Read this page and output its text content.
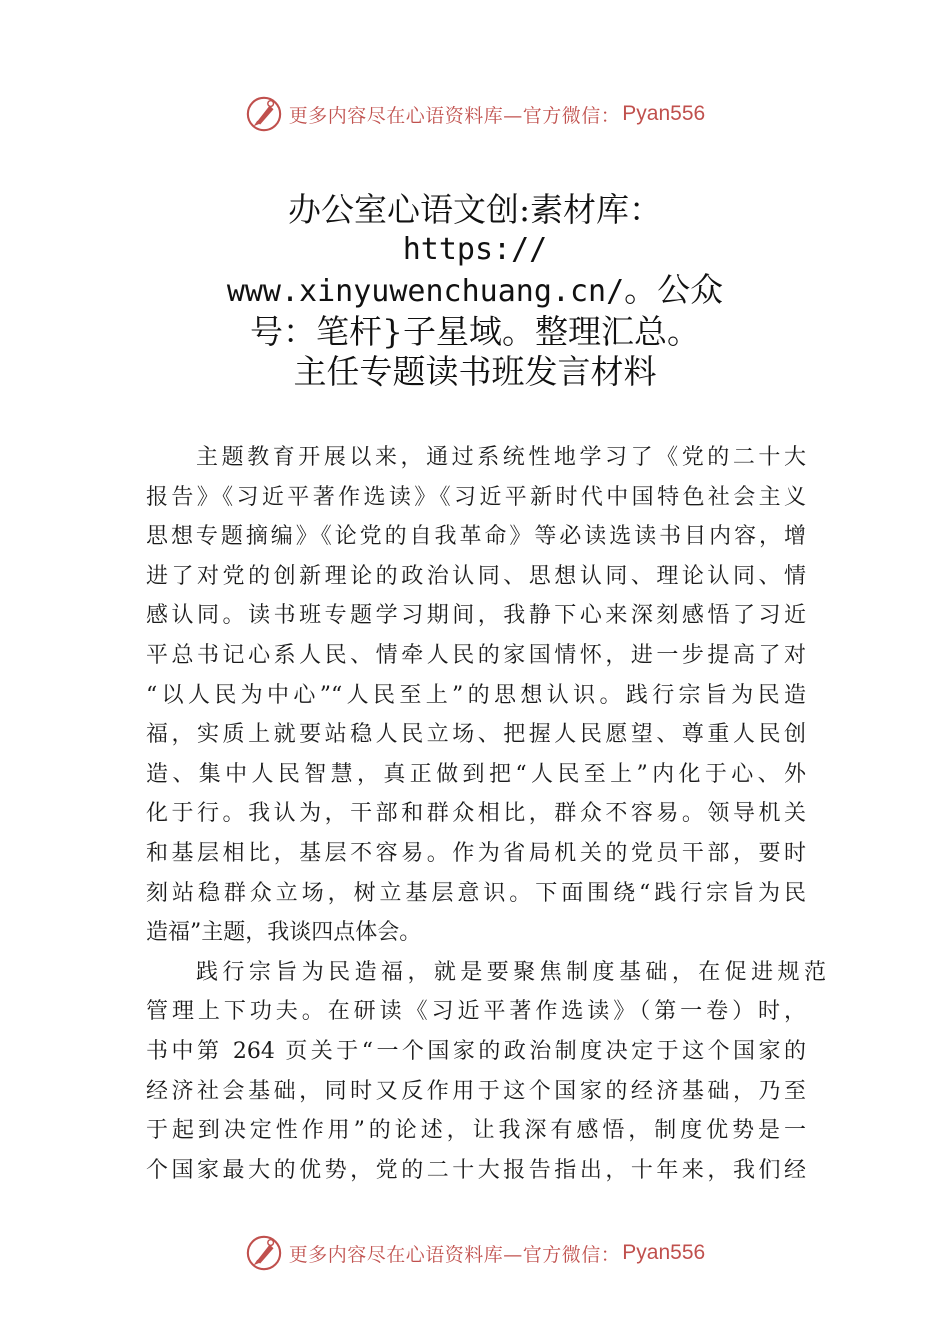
更多内容尽在心语资料库—官方微信： Pyan556
办公室心语文创:素材库：
https://
www.xinyuwenchuang.cn/。公众
号：笔杆}子星域。整理汇总。
主任专题读书班发言材料
主题教育开展以来，通过系统性地学习了《党的二十大
报告》《习近平著作选读》《习近平新时代中国特色社会主义
思想专题摘编》《论党的自我革命》等必读选读书目内容，增
进了对党的创新理论的政治认同、思想认同、理论认同、情
感认同。读书班专题学习期间，我静下心来深刻感悟了习近
平总书记心系人民、情牵人民的家国情怀，进一步提高了对
“以人民为中心”“人民至上”的思想认识。践行宗旨为民造
福，实质上就要站稳人民立场、把握人民愿望、尊重人民创
造、集中人民智慧，真正做到把“人民至上”内化于心、外
化于行。我认为，干部和群众相比，群众不容易。领导机关
和基层相比，基层不容易。作为省局机关的党员干部，要时
刻站稳群众立场，树立基层意识。下面围绕“践行宗旨为民
造福”主题，我谈四点体会。
践行宗旨为民造福，就是要聚焦制度基础，在促进规范
管理上下功夫。在研读《习近平著作选读》（第一卷）时，
书中第 264 页关于“一个国家的政治制度决定于这个国家的
经济社会基础，同时又反作用于这个国家的经济基础，乃至
于起到决定性作用”的论述，让我深有感悟，制度优势是一
个国家最大的优势，党的二十大报告指出，十年来，我们经
更多内容尽在心语资料库—官方微信： Pyan556
